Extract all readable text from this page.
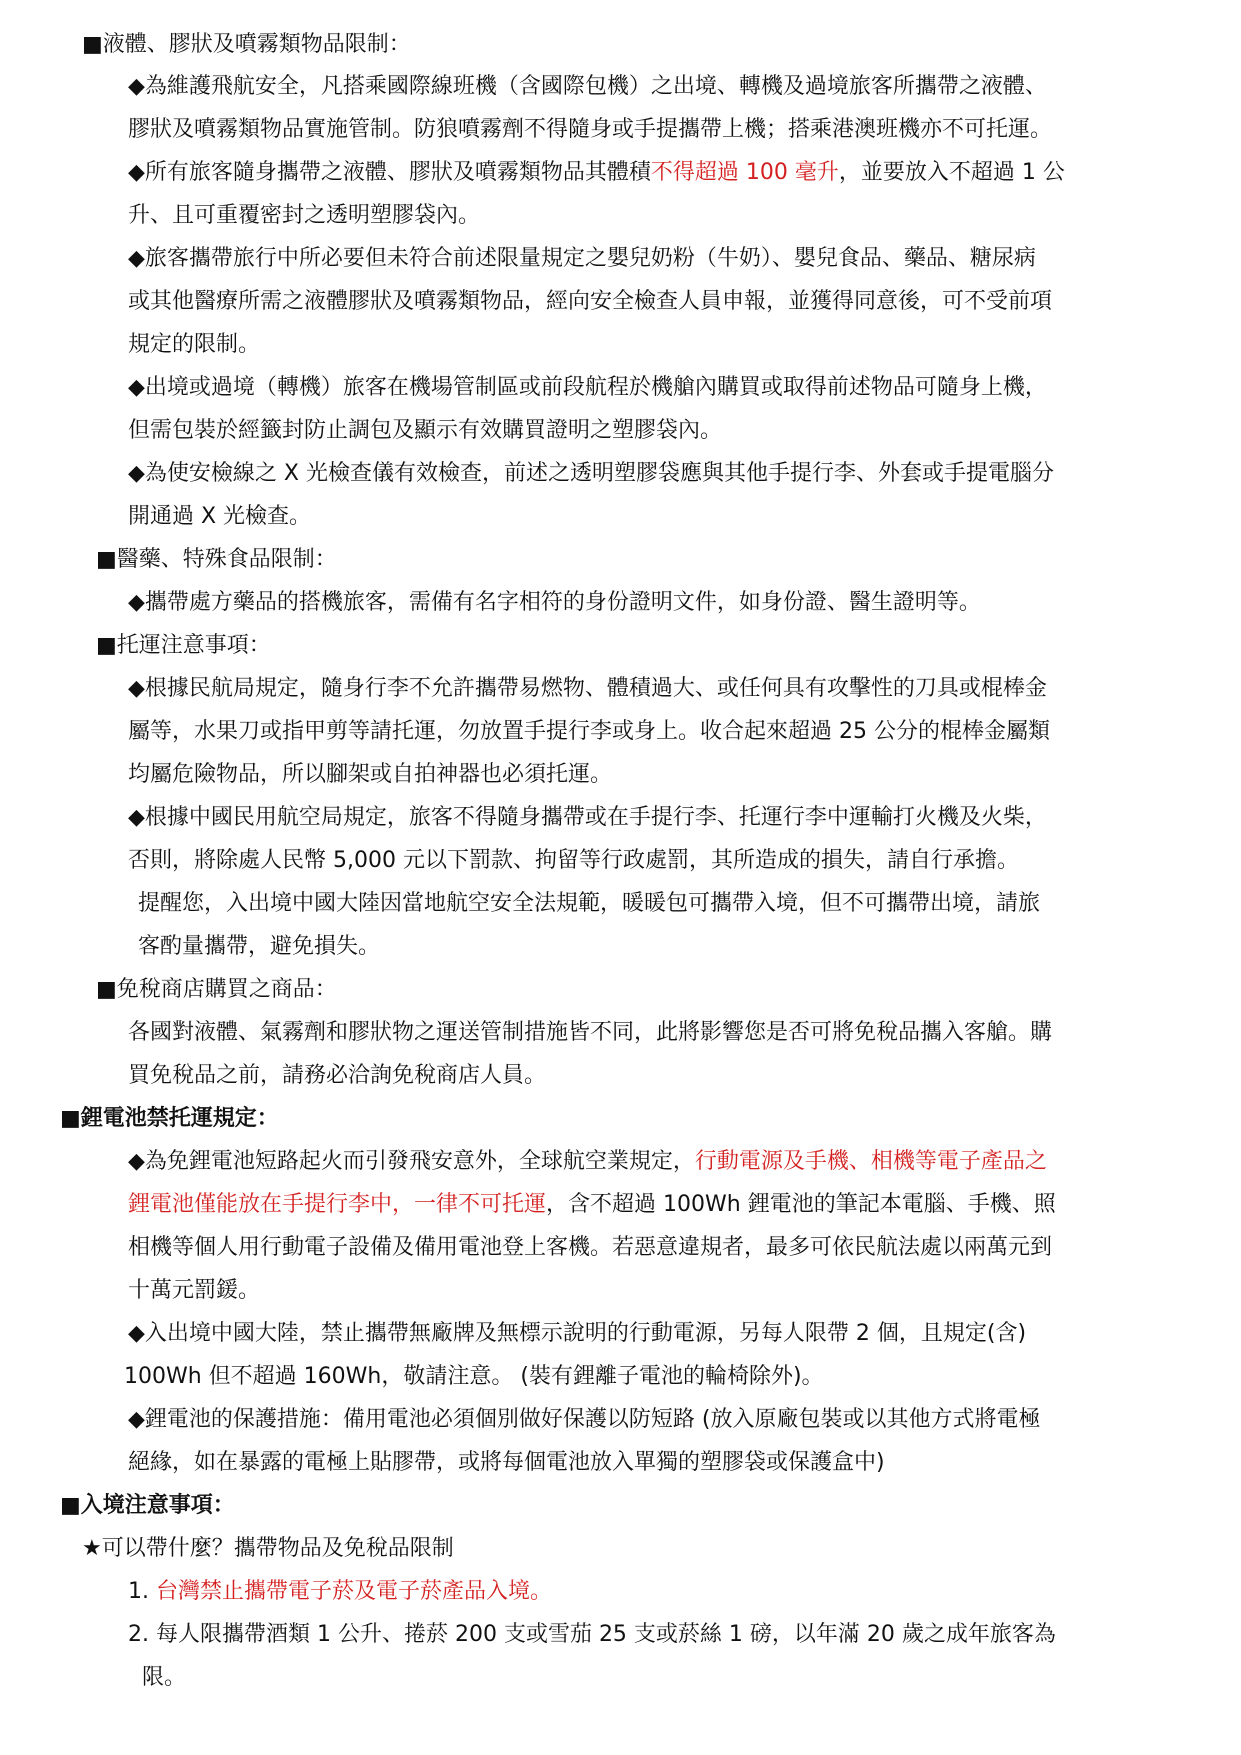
■液體、膠狀及噴霧類物品限制：
◆為維護飛航安全，凡搭乘國際線班機（含國際包機）之出境、轉機及過境旅客所攜帶之液體、
膠狀及噴霧類物品實施管制。防狼噴霧劑不得隨身或手提攜帶上機；搭乘港澳班機亦不可托運。
◆所有旅客隨身攜帶之液體、膠狀及噴霧類物品其體積不得超過 100 毫升，並要放入不超過 1 公
升、且可重覆密封之透明塑膠袋內。
◆旅客攜帶旅行中所必要但未符合前述限量規定之嬰兒奶粉（牛奶）、嬰兒食品、藥品、糖尿病
或其他醫療所需之液體膠狀及噴霧類物品，經向安全檢查人員申報，並獲得同意後，可不受前項
規定的限制。
◆出境或過境（轉機）旅客在機場管制區或前段航程於機艙內購買或取得前述物品可隨身上機，
但需包裝於經籤封防止調包及顯示有效購買證明之塑膠袋內。
◆為使安檢線之 X 光檢查儀有效檢查，前述之透明塑膠袋應與其他手提行李、外套或手提電腦分
開通過 X 光檢查。
■醫藥、特殊食品限制：
◆攜帶處方藥品的搭機旅客，需備有名字相符的身份證明文件，如身份證、醫生證明等。
■托運注意事項：
◆根據民航局規定，隨身行李不允許攜帶易燃物、體積過大、或任何具有攻擊性的刀具或棍棒金
屬等，水果刀或指甲剪等請托運，勿放置手提行李或身上。收合起來超過 25 公分的棍棒金屬類
均屬危險物品，所以腳架或自拍神器也必須托運。
◆根據中國民用航空局規定，旅客不得隨身攜帶或在手提行李、托運行李中運輸打火機及火柴，
否則，將除處人民幣 5,000 元以下罰款、拘留等行政處罰，其所造成的損失，請自行承擔。
提醒您，入出境中國大陸因當地航空安全法規範，暖暖包可攜帶入境，但不可攜帶出境，請旅
客酌量攜帶，避免損失。
■免稅商店購買之商品：
各國對液體、氣霧劑和膠狀物之運送管制措施皆不同，此將影響您是否可將免稅品攜入客艙。購
買免稅品之前，請務必洽詢免稅商店人員。
■鋰電池禁托運規定：
◆為免鋰電池短路起火而引發飛安意外，全球航空業規定，行動電源及手機、相機等電子產品之
鋰電池僅能放在手提行李中，一律不可托運，含不超過 100Wh 鋰電池的筆記本電腦、手機、照
相機等個人用行動電子設備及備用電池登上客機。若惡意違規者，最多可依民航法處以兩萬元到
十萬元罰鍰。
◆入出境中國大陸，禁止攜帶無廠牌及無標示說明的行動電源，另每人限帶 2 個，且規定(含)
100Wh 但不超過 160Wh，敬請注意。 (裝有鋰離子電池的輪椅除外)。
◆鋰電池的保護措施：備用電池必須個別做好保護以防短路 (放入原廠包裝或以其他方式將電極
絕緣，如在暴露的電極上貼膠帶，或將每個電池放入單獨的塑膠袋或保護盒中)
■入境注意事項：
★可以帶什麼？攜帶物品及免稅品限制
1. 台灣禁止攜帶電子菸及電子菸產品入境。
2. 每人限攜帶酒類 1 公升、捲菸 200 支或雪茄 25 支或菸絲 1 磅，以年滿 20 歲之成年旅客為
限。
